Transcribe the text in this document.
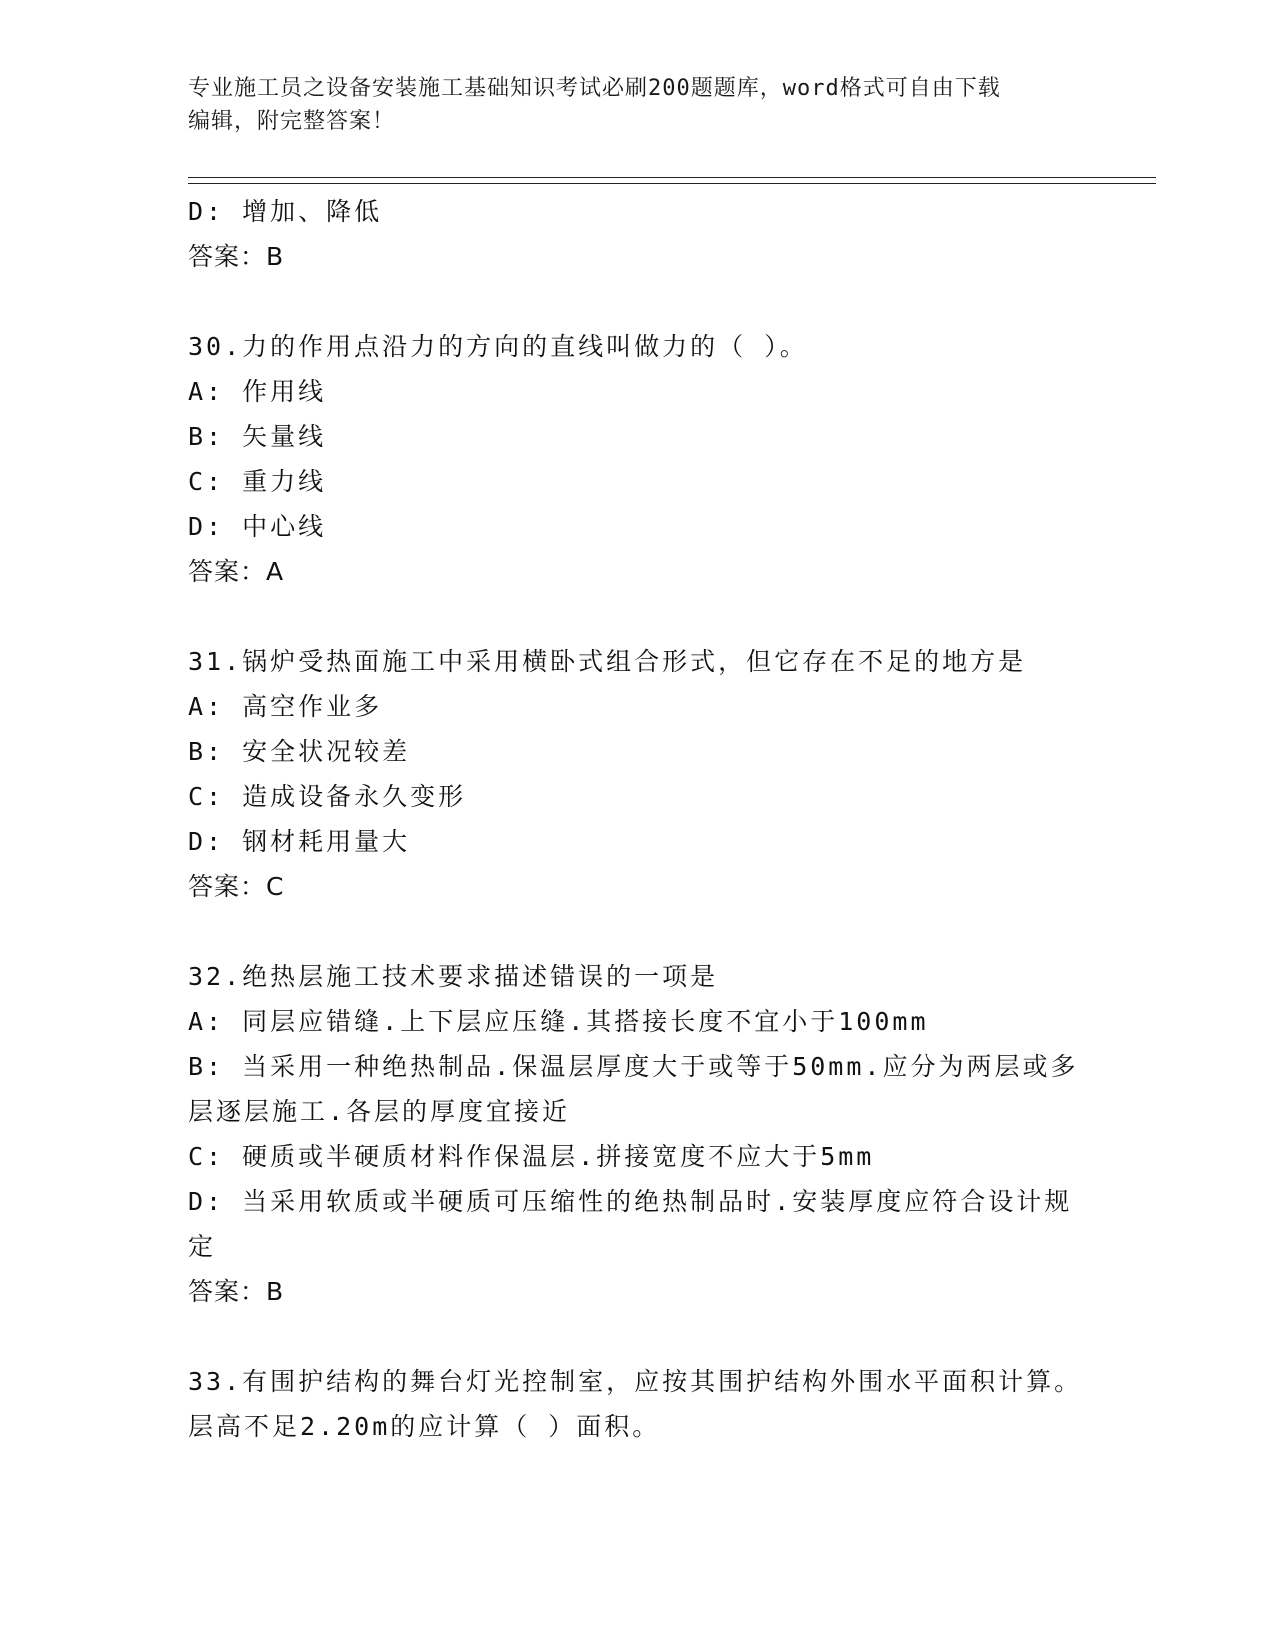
专业施工员之设备安装施工基础知识考试必刷200题题库，word格式可自由下载
编辑，附完整答案！
D: 增加、降低
答案：B
30.力的作用点沿力的方向的直线叫做力的（ ）。
A: 作用线
B: 矢量线
C: 重力线
D: 中心线
答案：A
31.锅炉受热面施工中采用横卧式组合形式，但它存在不足的地方是
A: 高空作业多
B: 安全状况较差
C: 造成设备永久变形
D: 钢材耗用量大
答案：C
32.绝热层施工技术要求描述错误的一项是
A: 同层应错缝.上下层应压缝.其搭接长度不宜小于100mm
B: 当采用一种绝热制品.保温层厚度大于或等于50mm.应分为两层或多层逐层施工.各层的厚度宜接近
C: 硬质或半硬质材料作保温层.拼接宽度不应大于5mm
D: 当采用软质或半硬质可压缩性的绝热制品时.安装厚度应符合设计规定
答案：B
33.有围护结构的舞台灯光控制室，应按其围护结构外围水平面积计算。层高不足2.20m的应计算（ ）面积。
